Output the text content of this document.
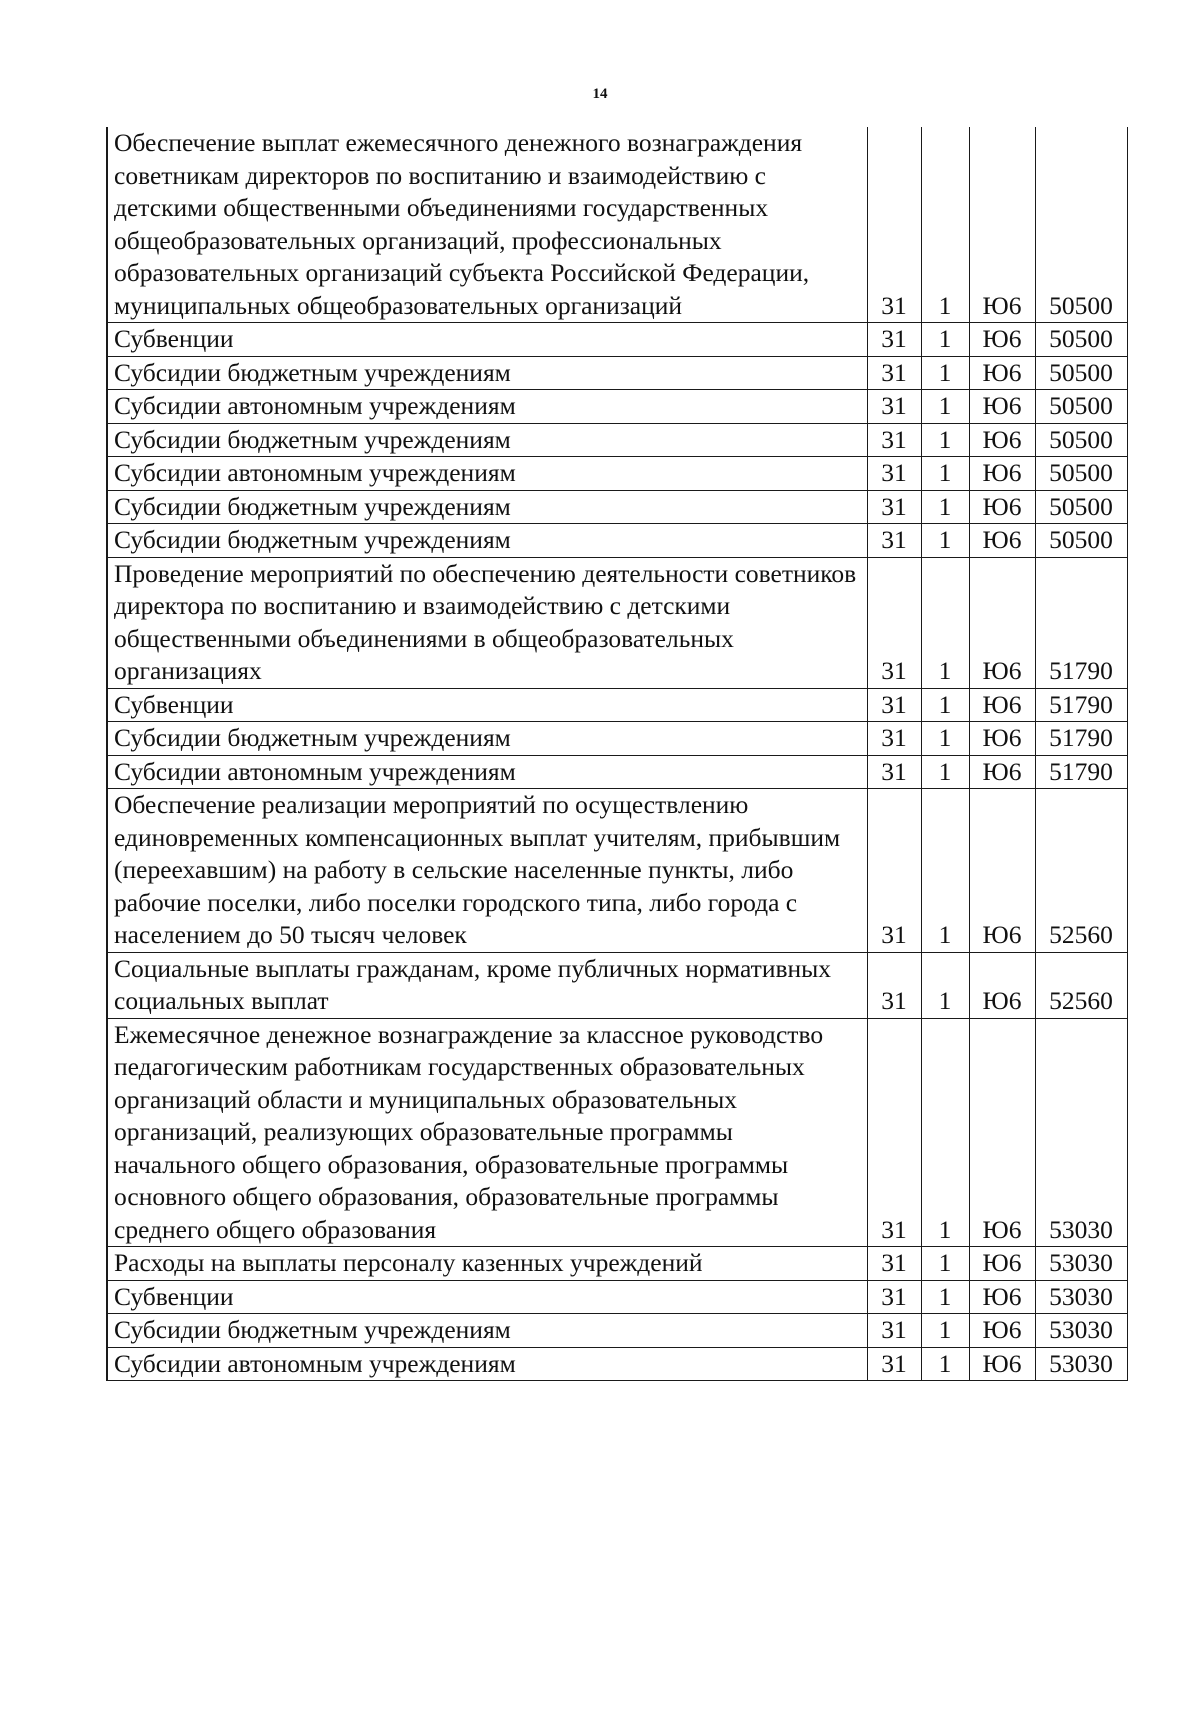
14
Обеспечение выплат ежемесячного денежного вознаграждения советникам директоров по воспитанию и взаимодействию с детскими общественными объединениями государственных общеобразовательных организаций, профессиональных образовательных организаций субъекта Российской Федерации, муниципальных общеобразовательных организаций	31	1	Ю6	50500
Субвенции	31	1	Ю6	50500
Субсидии бюджетным учреждениям	31	1	Ю6	50500
Субсидии автономным учреждениям	31	1	Ю6	50500
Субсидии бюджетным учреждениям	31	1	Ю6	50500
Субсидии автономным учреждениям	31	1	Ю6	50500
Субсидии бюджетным учреждениям	31	1	Ю6	50500
Субсидии бюджетным учреждениям	31	1	Ю6	50500
Проведение мероприятий по обеспечению деятельности советников директора по воспитанию и взаимодействию с детскими общественными объединениями в общеобразовательных организациях	31	1	Ю6	51790
Субвенции	31	1	Ю6	51790
Субсидии бюджетным учреждениям	31	1	Ю6	51790
Субсидии автономным учреждениям	31	1	Ю6	51790
Обеспечение реализации мероприятий по осуществлению единовременных компенсационных выплат учителям, прибывшим (переехавшим) на работу в сельские населенные пункты, либо рабочие поселки, либо поселки городского типа, либо города с населением до 50 тысяч человек	31	1	Ю6	52560
Социальные выплаты гражданам, кроме публичных нормативных социальных выплат	31	1	Ю6	52560
Ежемесячное денежное вознаграждение за классное руководство педагогическим работникам государственных образовательных организаций области и муниципальных образовательных организаций, реализующих образовательные программы начального общего образования, образовательные программы основного общего образования, образовательные программы среднего общего образования	31	1	Ю6	53030
Расходы на выплаты персоналу казенных учреждений	31	1	Ю6	53030
Субвенции	31	1	Ю6	53030
Субсидии бюджетным учреждениям	31	1	Ю6	53030
Субсидии автономным учреждениям	31	1	Ю6	53030
